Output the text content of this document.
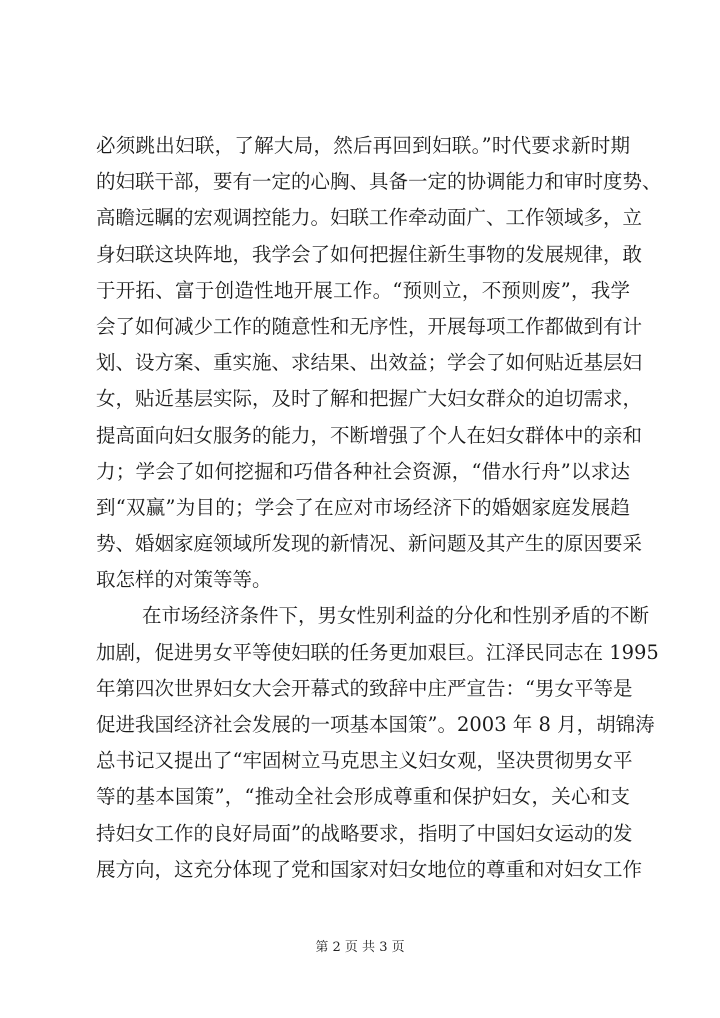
必须跳出妇联，了解大局，然后再回到妇联。”时代要求新时期
的妇联干部，要有一定的心胸、具备一定的协调能力和审时度势、
高瞻远瞩的宏观调控能力。妇联工作牵动面广、工作领域多，立
身妇联这块阵地，我学会了如何把握住新生事物的发展规律，敢
于开拓、富于创造性地开展工作。“预则立，不预则废”，我学
会了如何减少工作的随意性和无序性，开展每项工作都做到有计
划、设方案、重实施、求结果、出效益；学会了如何贴近基层妇
女，贴近基层实际，及时了解和把握广大妇女群众的迫切需求，
提高面向妇女服务的能力，不断增强了个人在妇女群体中的亲和
力；学会了如何挖掘和巧借各种社会资源，“借水行舟”以求达
到“双赢”为目的；学会了在应对市场经济下的婚姻家庭发展趋
势、婚姻家庭领域所发现的新情况、新问题及其产生的原因要采
取怎样的对策等等。
在市场经济条件下，男女性别利益的分化和性别矛盾的不断
加剧，促进男女平等使妇联的任务更加艰巨。江泽民同志在 1995
年第四次世界妇女大会开幕式的致辞中庄严宣告：“男女平等是
促进我国经济社会发展的一项基本国策”。2003 年 8 月，胡锦涛
总书记又提出了“牢固树立马克思主义妇女观，坚决贯彻男女平
等的基本国策”，“推动全社会形成尊重和保护妇女，关心和支
持妇女工作的良好局面”的战略要求，指明了中国妇女运动的发
展方向，这充分体现了党和国家对妇女地位的尊重和对妇女工作
第 2 页 共 3 页
